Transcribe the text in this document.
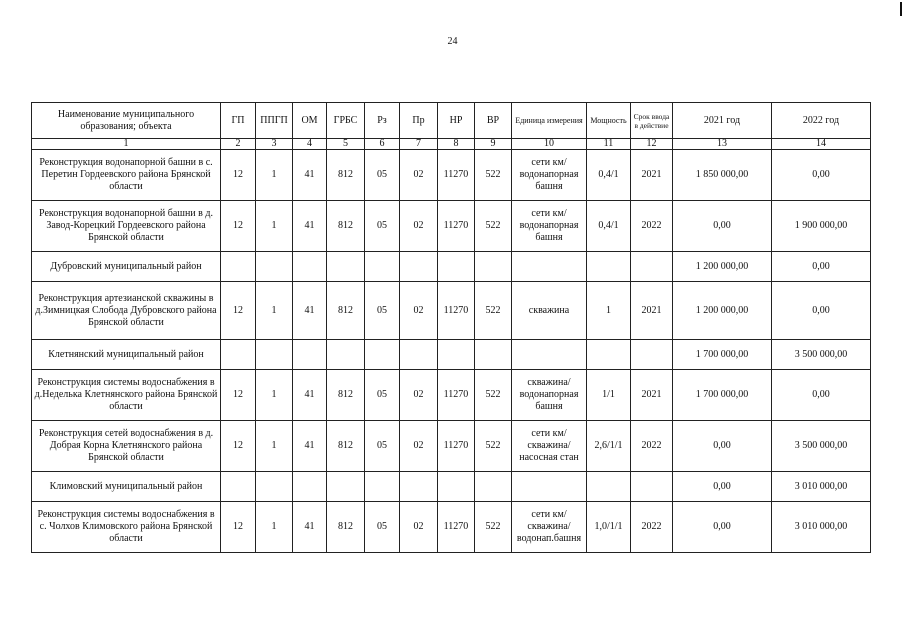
24
Наименование муниципального образования; объекта	ГП	ППГП	ОМ	ГРБС	Рз	Пр	НР	ВР	Единица измерения	Мощность	Срок ввода в действие	2021 год	2022 год
1	2	3	4	5	6	7	8	9	10	11	12	13	14
Реконструкция водонапорной башни в с. Перетин Гордеевского района Брянской области	12	1	41	812	05	02	11270	522	сети км/водонапорная башня	0,4/1	2021	1 850 000,00	0,00
Реконструкция водонапорной башни в д. Завод-Корецкий Гордеевского района Брянской области	12	1	41	812	05	02	11270	522	сети км/водонапорная башня	0,4/1	2022	0,00	1 900 000,00
Дубровский муниципальный район												1 200 000,00	0,00
Реконструкция артезианской скважины в д.Зимницкая Слобода Дубровского района Брянской области	12	1	41	812	05	02	11270	522	скважина	1	2021	1 200 000,00	0,00
Клетнянский муниципальный район												1 700 000,00	3 500 000,00
Реконструкция системы водоснабжения в д.Неделька Клетнянского района Брянской области	12	1	41	812	05	02	11270	522	скважина/водонапорная башня	1/1	2021	1 700 000,00	0,00
Реконструкция сетей водоснабжения в д. Добрая Корна Клетнянского района Брянской области	12	1	41	812	05	02	11270	522	сети км/скважина/насосная стан	2,6/1/1	2022	0,00	3 500 000,00
Климовский муниципальный район												0,00	3 010 000,00
Реконструкция системы водоснабжения в с. Чолхов Климовского района Брянской области	12	1	41	812	05	02	11270	522	сети км/скважина/водонап.башня	1,0/1/1	2022	0,00	3 010 000,00
